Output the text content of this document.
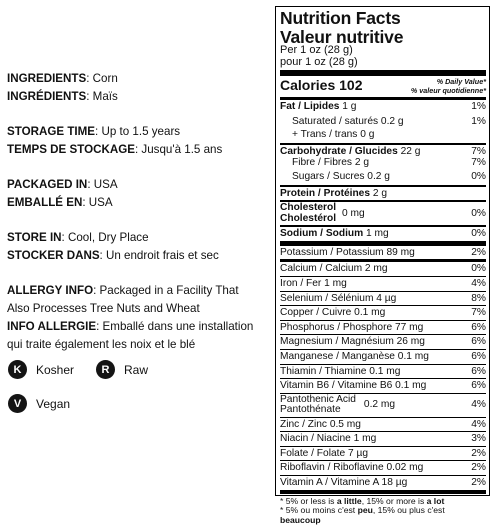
INGREDIENTS: Corn
INGRÉDIENTS: Maïs
STORAGE TIME: Up to 1.5 years
TEMPS DE STOCKAGE: Jusqu'à 1.5 ans
PACKAGED IN: USA
EMBALLÉ EN: USA
STORE IN: Cool, Dry Place
STOCKER DANS: Un endroit frais et sec
ALLERGY INFO: Packaged in a Facility That
Also Processes Tree Nuts and Wheat
INFO ALLERGIE: Emballé dans une installation
qui traite également les noix et le blé
K	Kosher	R	Raw
V	Vegan
Nutrition Facts
Valeur nutritive
Per 1 oz (28 g)
pour 1 oz (28 g)
Calories 102	% Daily Value*
% valeur quotidienne*
Fat / Lipides 1 g	1%
Saturated / saturés 0.2 g	1%
+ Trans / trans 0 g
Carbohydrate / Glucides 22 g	7%
Fibre / Fibres 2 g	7%
Sugars / Sucres 0.2 g	0%
Protein / Protéines 2 g
Cholesterol
Cholestérol 0 mg	0%
Sodium / Sodium 1 mg	0%
Potassium / Potassium 89 mg	2%
Calcium / Calcium 2 mg	0%
Iron / Fer 1 mg	4%
Selenium / Sélénium 4 µg	8%
Copper / Cuivre 0.1 mg	7%
Phosphorus / Phosphore 77 mg	6%
Magnesium / Magnésium 26 mg	6%
Manganese / Manganèse 0.1 mg	6%
Thiamin / Thiamine 0.1 mg	6%
Vitamin B6 / Vitamine B6 0.1 mg	6%
Pantothenic Acid
Pantothénate	0.2 mg	4%
Zinc / Zinc 0.5 mg	4%
Niacin / Niacine 1 mg	3%
Folate / Folate 7 µg	2%
Riboflavin / Riboflavine 0.02 mg	2%
Vitamin A / Vitamine A 18 µg	2%
* 5% or less is a little, 15% or more is a lot
* 5% ou moins c'est peu, 15% ou plus c'est beaucoup
